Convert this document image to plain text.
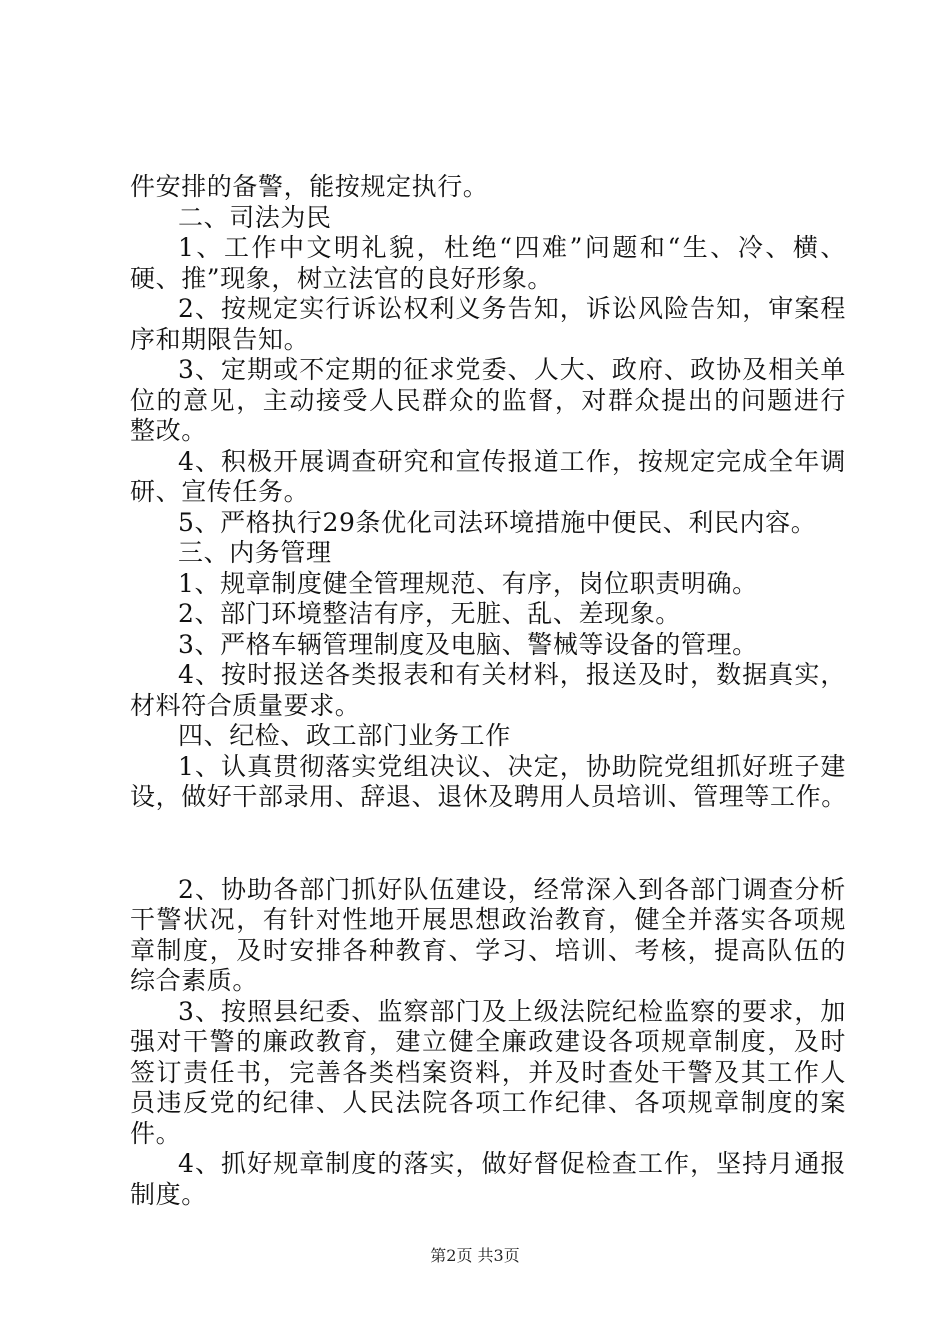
件安排的备警，能按规定执行。

二、司法为民

1、工作中文明礼貌，杜绝“四难”问题和“生、冷、横、

硬、推”现象，树立法官的良好形象。

2、按规定实行诉讼权利义务告知，诉讼风险告知，审案程

序和期限告知。

3、定期或不定期的征求党委、人大、政府、政协及相关单

位的意见，主动接受人民群众的监督，对群众提出的问题进行

整改。

4、积极开展调查研究和宣传报道工作，按规定完成全年调

研、宣传任务。

5、严格执行29条优化司法环境措施中便民、利民内容。

三、内务管理

1、规章制度健全管理规范、有序，岗位职责明确。

2、部门环境整洁有序，无脏、乱、差现象。

3、严格车辆管理制度及电脑、警械等设备的管理。

4、按时报送各类报表和有关材料，报送及时，数据真实，

材料符合质量要求。

四、纪检、政工部门业务工作

1、认真贯彻落实党组决议、决定，协助院党组抓好班子建

设，做好干部录用、辞退、退休及聘用人员培训、管理等工作。

2、协助各部门抓好队伍建设，经常深入到各部门调查分析

干警状况，有针对性地开展思想政治教育，健全并落实各项规

章制度，及时安排各种教育、学习、培训、考核，提高队伍的

综合素质。

3、按照县纪委、监察部门及上级法院纪检监察的要求，加

强对干警的廉政教育，建立健全廉政建设各项规章制度，及时

签订责任书，完善各类档案资料，并及时查处干警及其工作人

员违反党的纪律、人民法院各项工作纪律、各项规章制度的案

件。

4、抓好规章制度的落实，做好督促检查工作，坚持月通报

制度。

第2页 共3页
